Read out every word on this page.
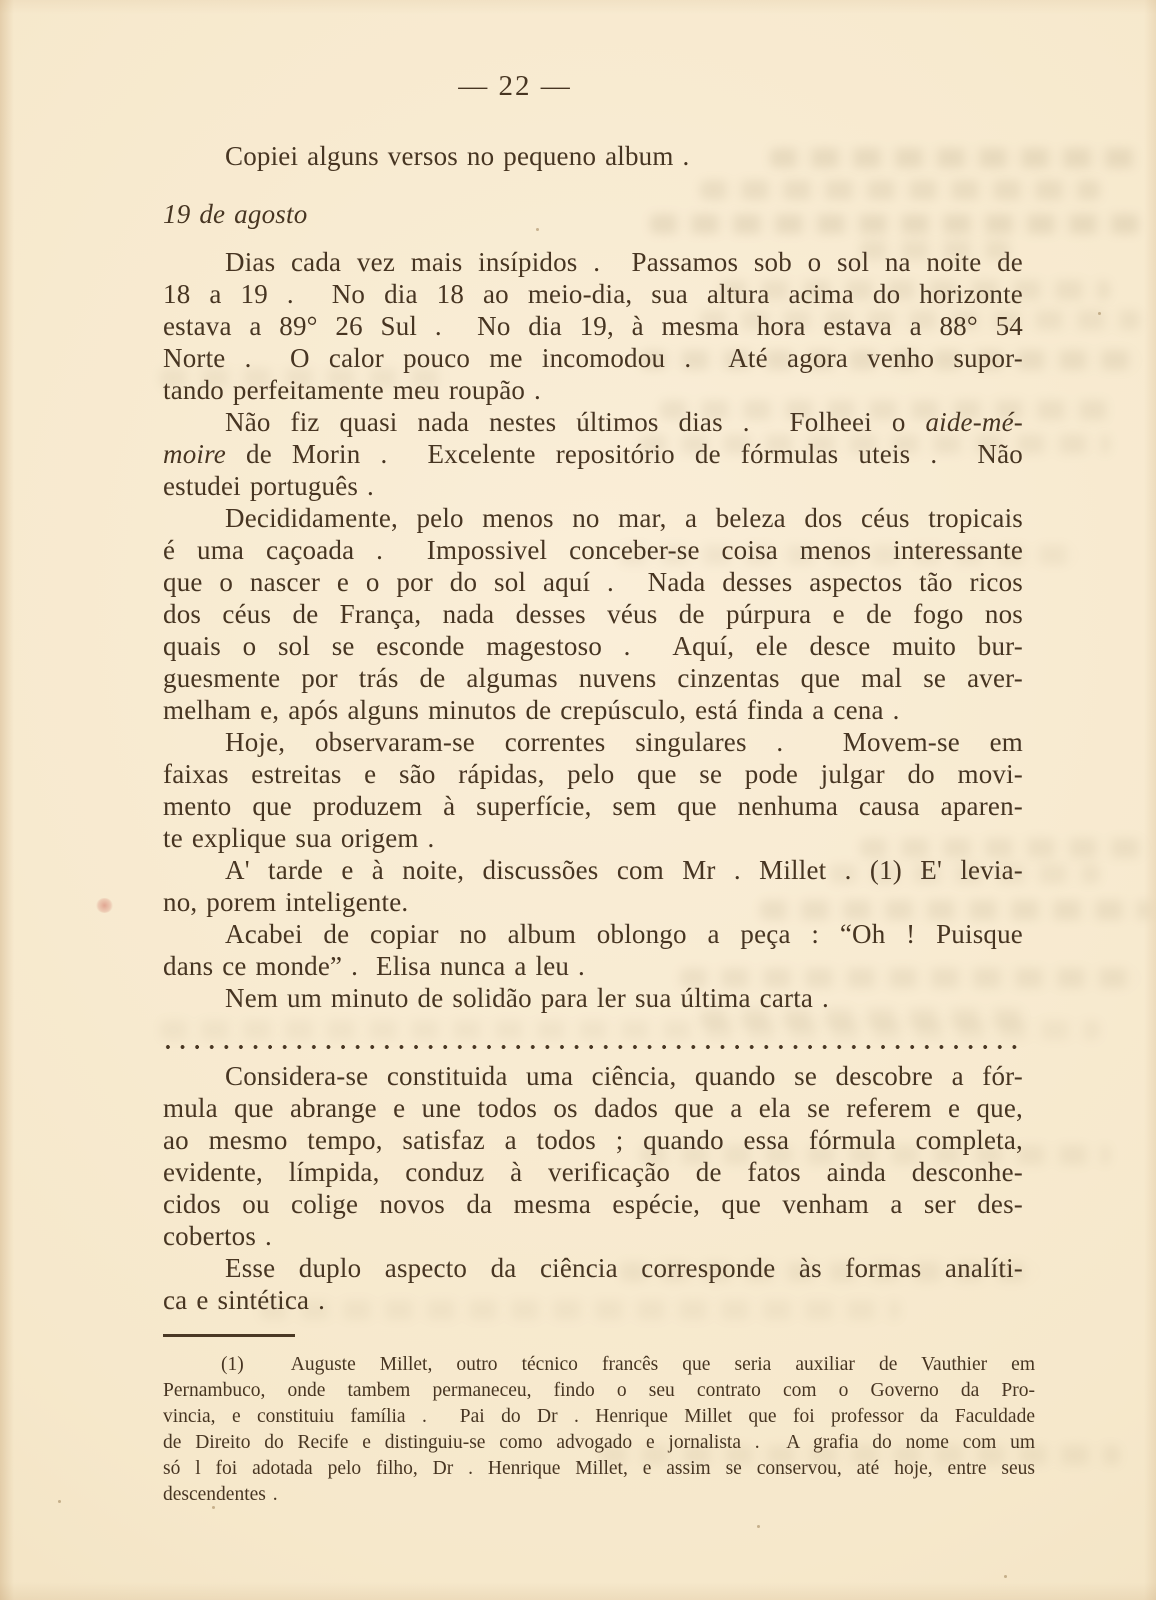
— 22 —
Copiei alguns versos no pequeno album .
19 de agosto
Dias cada vez mais insípidos .  Passamos sob o sol na noite de
18 a 19 .  No dia 18 ao meio-dia, sua altura acima do horizonte
estava a 89° 26 Sul .  No dia 19, à mesma hora estava a 88° 54
Norte .  O calor pouco me incomodou .  Até agora venho supor-
tando perfeitamente meu roupão .
Não fiz quasi nada nestes últimos dias .  Folheei o aide-mé-
moire de Morin .  Excelente repositório de fórmulas uteis .  Não
estudei português .
Decididamente, pelo menos no mar, a beleza dos céus tropicais
é uma caçoada .  Impossivel conceber-se coisa menos interessante
que o nascer e o por do sol aquí .  Nada desses aspectos tão ricos
dos céus de França, nada desses véus de púrpura e de fogo nos
quais o sol se esconde magestoso .  Aquí, ele desce muito bur-
guesmente por trás de algumas nuvens cinzentas que mal se aver-
melham e, após alguns minutos de crepúsculo, está finda a cena .
Hoje, observaram-se correntes singulares .  Movem-se em
faixas estreitas e são rápidas, pelo que se pode julgar do movi-
mento que produzem à superfície, sem que nenhuma causa aparen-
te explique sua origem .
A' tarde e à noite, discussões com Mr . Millet . (1) E' levia-
no, porem inteligente.
Acabei de copiar no album oblongo a peça : “Oh ! Puisque
dans ce monde” .  Elisa nunca a leu .
Nem um minuto de solidão para ler sua última carta .
Considera-se constituida uma ciência, quando se descobre a fór-
mula que abrange e une todos os dados que a ela se referem e que,
ao mesmo tempo, satisfaz a todos ; quando essa fórmula completa,
evidente, límpida, conduz à verificação de fatos ainda desconhe-
cidos ou colige novos da mesma espécie, que venham a ser des-
cobertos .
Esse duplo aspecto da ciência corresponde às formas analíti-
ca e sintética .
(1)  Auguste Millet, outro técnico francês que seria auxiliar de Vauthier em
Pernambuco, onde tambem permaneceu, findo o seu contrato com o Governo da Pro-
vincia, e constituiu família .  Pai do Dr . Henrique Millet que foi professor da Faculdade
de Direito do Recife e distinguiu-se como advogado e jornalista .  A grafia do nome com um
só l foi adotada pelo filho, Dr . Henrique Millet, e assim se conservou, até hoje, entre seus
descendentes .
